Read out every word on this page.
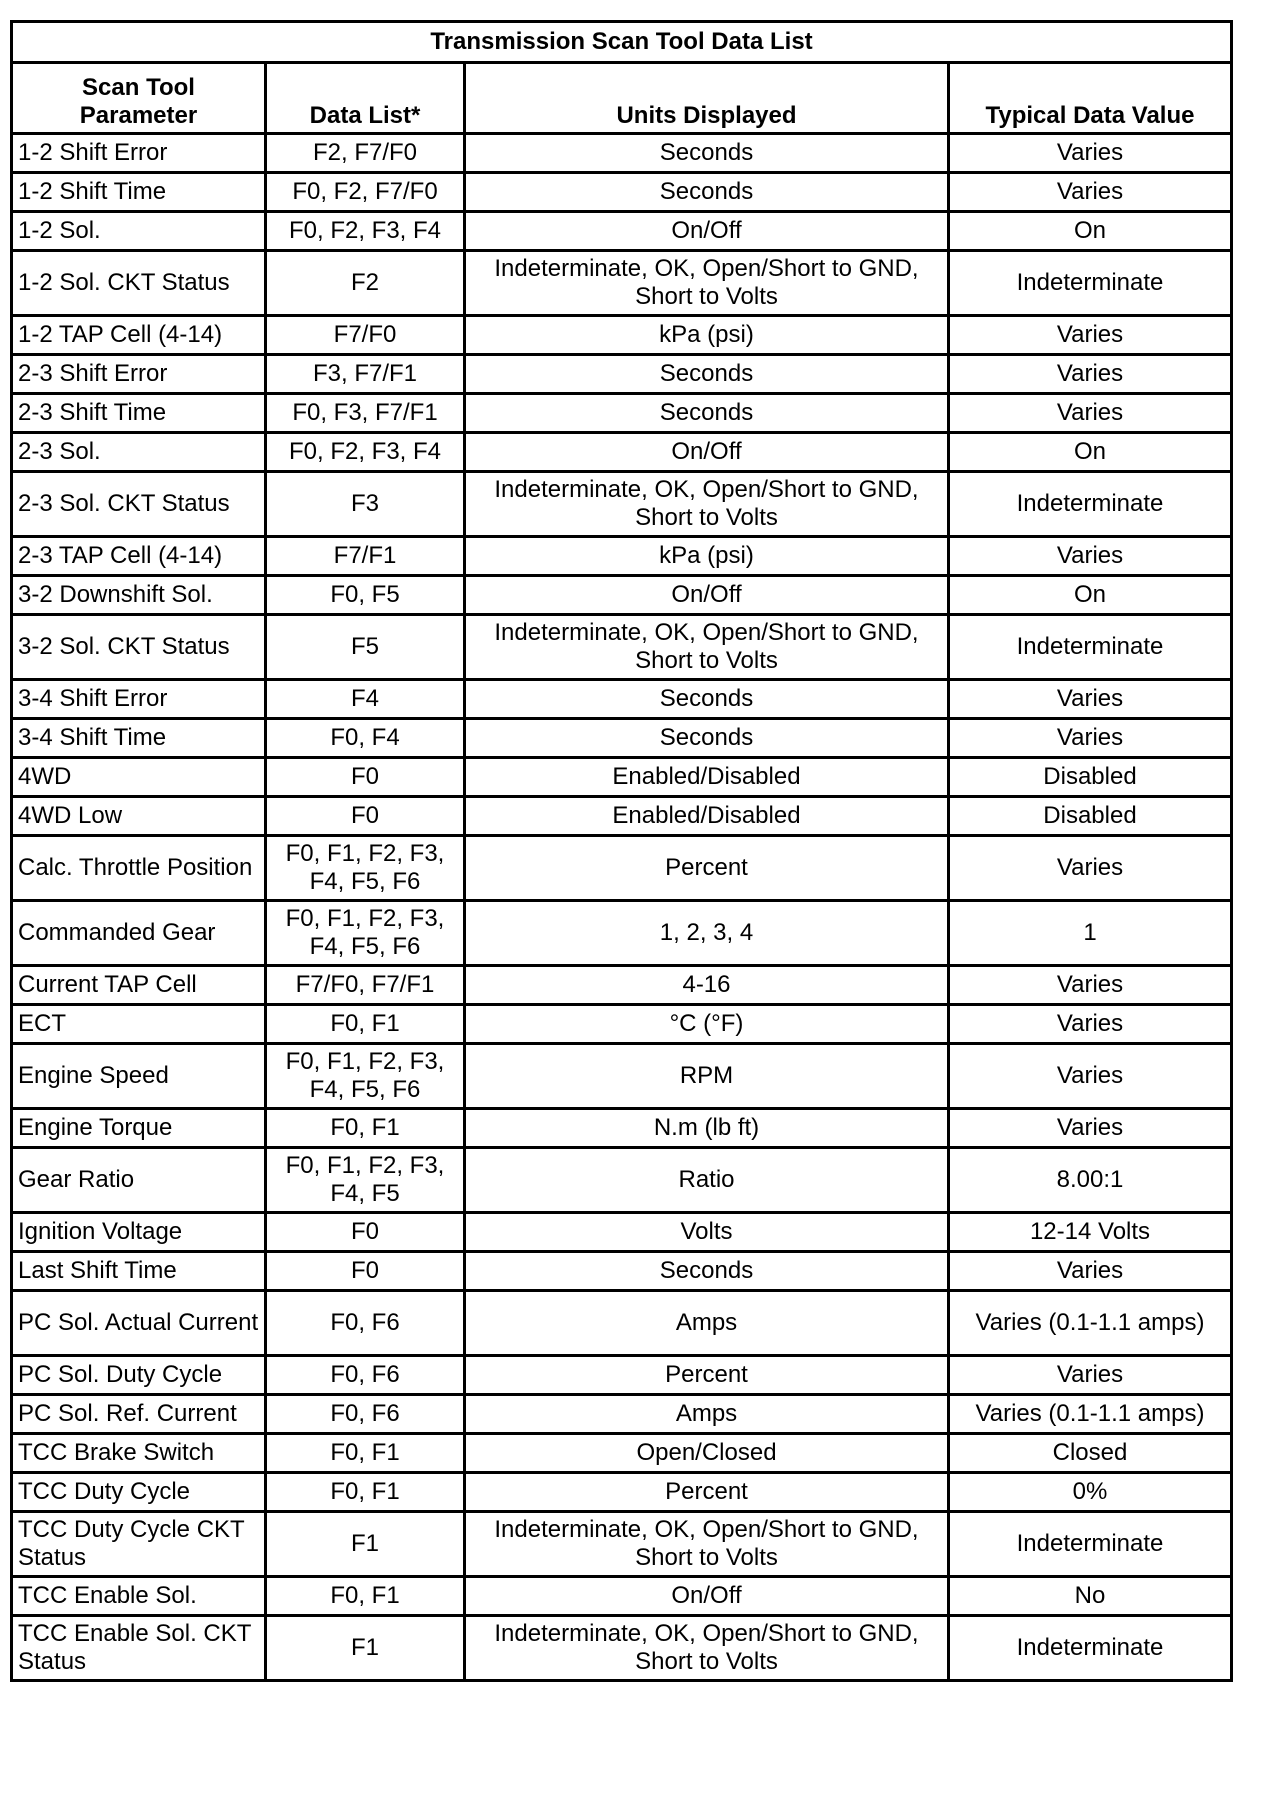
Transmission Scan Tool Data List			
Scan Tool Parameter	Data List*	Units Displayed	Typical Data Value
1-2 Shift Error	F2, F7/F0	Seconds	Varies
1-2 Shift Time	F0, F2, F7/F0	Seconds	Varies
1-2 Sol.	F0, F2, F3, F4	On/Off	On
1-2 Sol. CKT Status	F2	Indeterminate, OK, Open/Short to GND, Short to Volts	Indeterminate
1-2 TAP Cell (4-14)	F7/F0	kPa (psi)	Varies
2-3 Shift Error	F3, F7/F1	Seconds	Varies
2-3 Shift Time	F0, F3, F7/F1	Seconds	Varies
2-3 Sol.	F0, F2, F3, F4	On/Off	On
2-3 Sol. CKT Status	F3	Indeterminate, OK, Open/Short to GND, Short to Volts	Indeterminate
2-3 TAP Cell (4-14)	F7/F1	kPa (psi)	Varies
3-2 Downshift Sol.	F0, F5	On/Off	On
3-2 Sol. CKT Status	F5	Indeterminate, OK, Open/Short to GND, Short to Volts	Indeterminate
3-4 Shift Error	F4	Seconds	Varies
3-4 Shift Time	F0, F4	Seconds	Varies
4WD	F0	Enabled/Disabled	Disabled
4WD Low	F0	Enabled/Disabled	Disabled
Calc. Throttle Position	F0, F1, F2, F3, F4, F5, F6	Percent	Varies
Commanded Gear	F0, F1, F2, F3, F4, F5, F6	1, 2, 3, 4	1
Current TAP Cell	F7/F0, F7/F1	4-16	Varies
ECT	F0, F1	°C (°F)	Varies
Engine Speed	F0, F1, F2, F3, F4, F5, F6	RPM	Varies
Engine Torque	F0, F1	N.m (lb ft)	Varies
Gear Ratio	F0, F1, F2, F3, F4, F5	Ratio	8.00:1
Ignition Voltage	F0	Volts	12-14 Volts
Last Shift Time	F0	Seconds	Varies
PC Sol. Actual Current	F0, F6	Amps	Varies (0.1-1.1 amps)
PC Sol. Duty Cycle	F0, F6	Percent	Varies
PC Sol. Ref. Current	F0, F6	Amps	Varies (0.1-1.1 amps)
TCC Brake Switch	F0, F1	Open/Closed	Closed
TCC Duty Cycle	F0, F1	Percent	0%
TCC Duty Cycle CKT Status	F1	Indeterminate, OK, Open/Short to GND, Short to Volts	Indeterminate
TCC Enable Sol.	F0, F1	On/Off	No
TCC Enable Sol. CKT Status	F1	Indeterminate, OK, Open/Short to GND, Short to Volts	Indeterminate
